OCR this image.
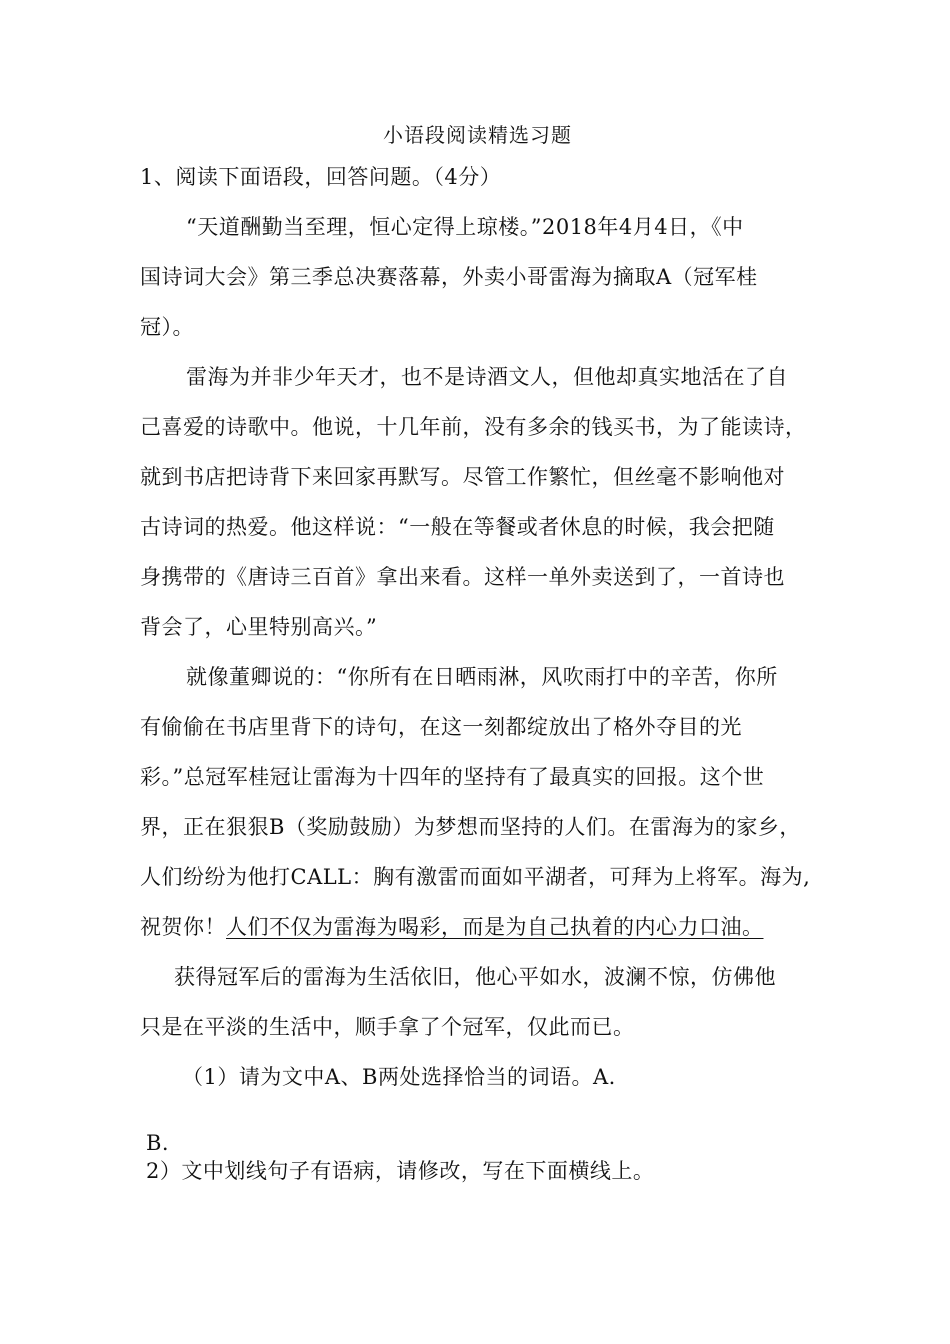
小语段阅读精选习题
1、阅读下面语段，回答问题。（4分）
“天道酬勤当至理，恒心定得上琼楼。”2018年4月4日，《中
国诗词大会》第三季总决赛落幕，外卖小哥雷海为摘取A（冠军桂
冠）。
雷海为并非少年天才，也不是诗酒文人，但他却真实地活在了自
己喜爱的诗歌中。他说，十几年前，没有多余的钱买书，为了能读诗，
就到书店把诗背下来回家再默写。尽管工作繁忙，但丝毫不影响他对
古诗词的热爱。他这样说：“一般在等餐或者休息的时候，我会把随
身携带的《唐诗三百首》拿出来看。这样一单外卖送到了，一首诗也
背会了，心里特别高兴。”
就像董卿说的：“你所有在日晒雨淋，风吹雨打中的辛苦，你所
有偷偷在书店里背下的诗句，在这一刻都绽放出了格外夺目的光
彩。”总冠军桂冠让雷海为十四年的坚持有了最真实的回报。这个世
界，正在狠狠B（奖励鼓励）为梦想而坚持的人们。在雷海为的家乡，
人们纷纷为他打CALL：胸有激雷而面如平湖者，可拜为上将军。海为,
祝贺你！人们不仅为雷海为喝彩，而是为自己执着的内心力口油。
获得冠军后的雷海为生活依旧，他心平如水，波澜不惊，仿佛他
只是在平淡的生活中，顺手拿了个冠军，仅此而已。
（1）请为文中A、B两处选择恰当的词语。A.
B.
2）文中划线句子有语病，请修改，写在下面横线上。
